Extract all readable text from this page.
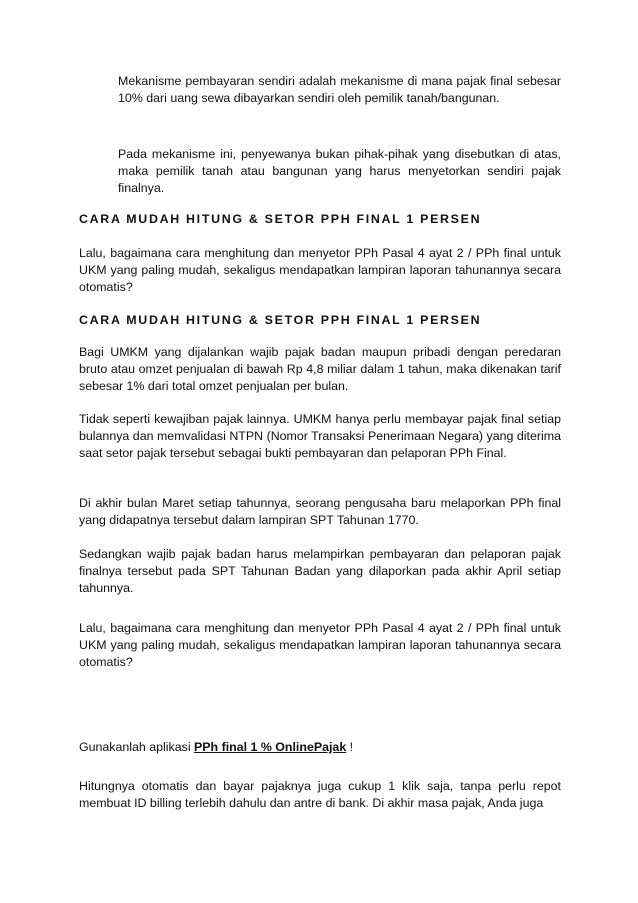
Mekanisme pembayaran sendiri adalah mekanisme di mana pajak final sebesar 10% dari uang sewa dibayarkan sendiri oleh pemilik tanah/bangunan.

Pada mekanisme ini, penyewanya bukan pihak-pihak yang disebutkan di atas, maka pemilik tanah atau bangunan yang harus menyetorkan sendiri pajak finalnya.

CARA MUDAH HITUNG & SETOR PPH FINAL 1 PERSEN

Lalu, bagaimana cara menghitung dan menyetor PPh Pasal 4 ayat 2 / PPh final untuk UKM yang paling mudah, sekaligus mendapatkan lampiran laporan tahunannya secara otomatis?

CARA MUDAH HITUNG & SETOR PPH FINAL 1 PERSEN

Bagi UMKM yang dijalankan wajib pajak badan maupun pribadi dengan peredaran bruto atau omzet penjualan di bawah Rp 4,8 miliar dalam 1 tahun, maka dikenakan tarif sebesar 1% dari total omzet penjualan per bulan.

Tidak seperti kewajiban pajak lainnya. UMKM hanya perlu membayar pajak final setiap bulannya dan memvalidasi NTPN (Nomor Transaksi Penerimaan Negara) yang diterima saat setor pajak tersebut sebagai bukti pembayaran dan pelaporan PPh Final.

Di akhir bulan Maret setiap tahunnya, seorang pengusaha baru melaporkan PPh final yang didapatnya tersebut dalam lampiran SPT Tahunan 1770.

Sedangkan wajib pajak badan harus melampirkan pembayaran dan pelaporan pajak finalnya tersebut pada SPT Tahunan Badan yang dilaporkan pada akhir April setiap tahunnya.

Lalu, bagaimana cara menghitung dan menyetor PPh Pasal 4 ayat 2 / PPh final untuk UKM yang paling mudah, sekaligus mendapatkan lampiran laporan tahunannya secara otomatis?

Gunakanlah aplikasi PPh final 1 % OnlinePajak !

Hitungnya otomatis dan bayar pajaknya juga cukup 1 klik saja, tanpa perlu repot membuat ID billing terlebih dahulu dan antre di bank. Di akhir masa pajak, Anda juga
